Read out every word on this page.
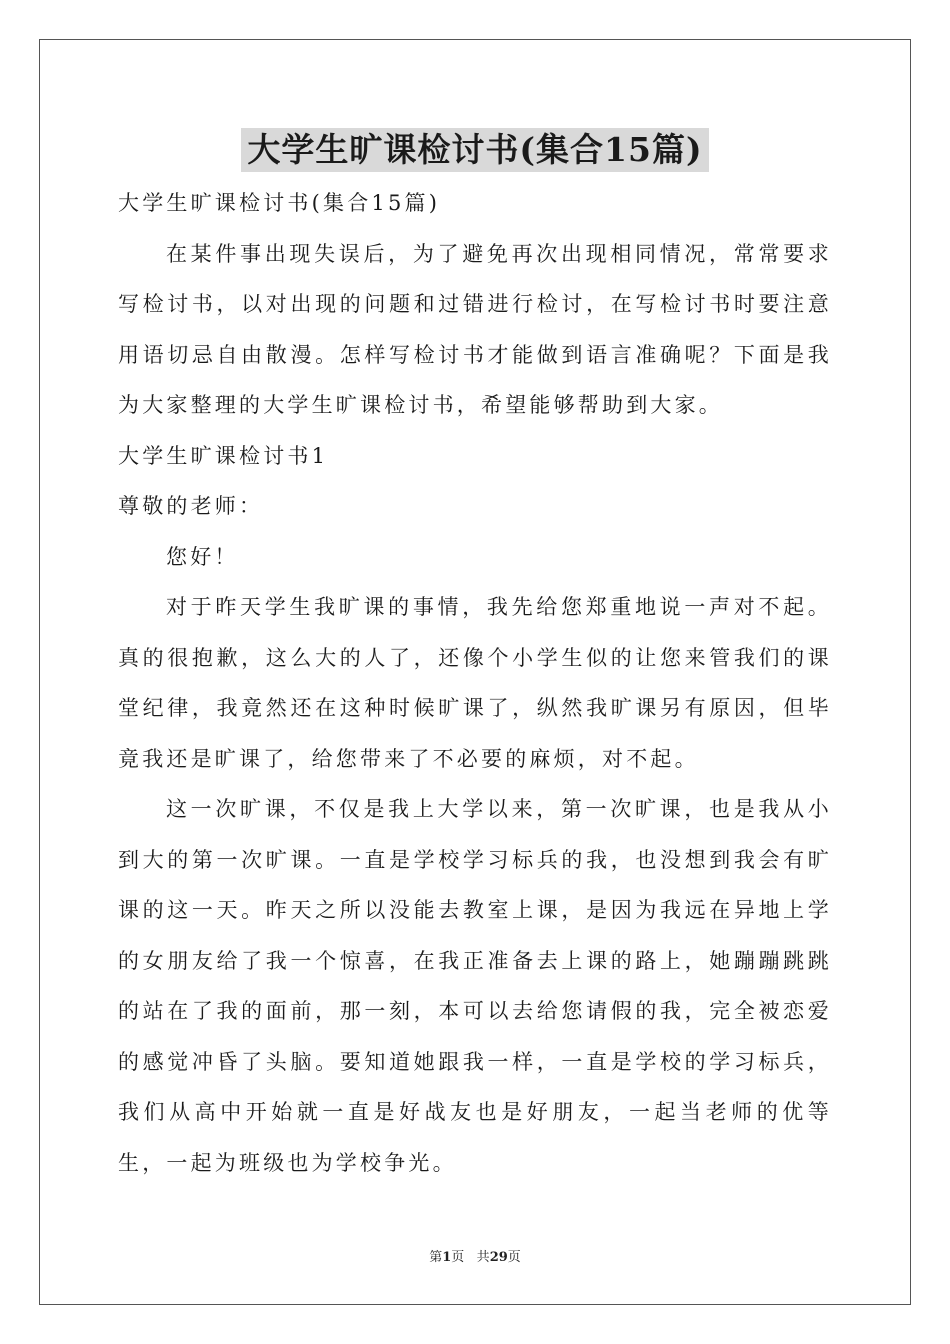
大学生旷课检讨书(集合15篇)

大学生旷课检讨书(集合15篇)

在某件事出现失误后，为了避免再次出现相同情况，常常要求写检讨书，以对出现的问题和过错进行检讨，在写检讨书时要注意用语切忌自由散漫。怎样写检讨书才能做到语言准确呢？下面是我为大家整理的大学生旷课检讨书，希望能够帮助到大家。

大学生旷课检讨书1

尊敬的老师：

您好！

对于昨天学生我旷课的事情，我先给您郑重地说一声对不起。真的很抱歉，这么大的人了，还像个小学生似的让您来管我们的课堂纪律，我竟然还在这种时候旷课了，纵然我旷课另有原因，但毕竟我还是旷课了，给您带来了不必要的麻烦，对不起。

这一次旷课，不仅是我上大学以来，第一次旷课，也是我从小到大的第一次旷课。一直是学校学习标兵的我，也没想到我会有旷课的这一天。昨天之所以没能去教室上课，是因为我远在异地上学的女朋友给了我一个惊喜，在我正准备去上课的路上，她蹦蹦跳跳的站在了我的面前，那一刻，本可以去给您请假的我，完全被恋爱的感觉冲昏了头脑。要知道她跟我一样，一直是学校的学习标兵，我们从高中开始就一直是好战友也是好朋友，一起当老师的优等生，一起为班级也为学校争光。

第1页 共29页
